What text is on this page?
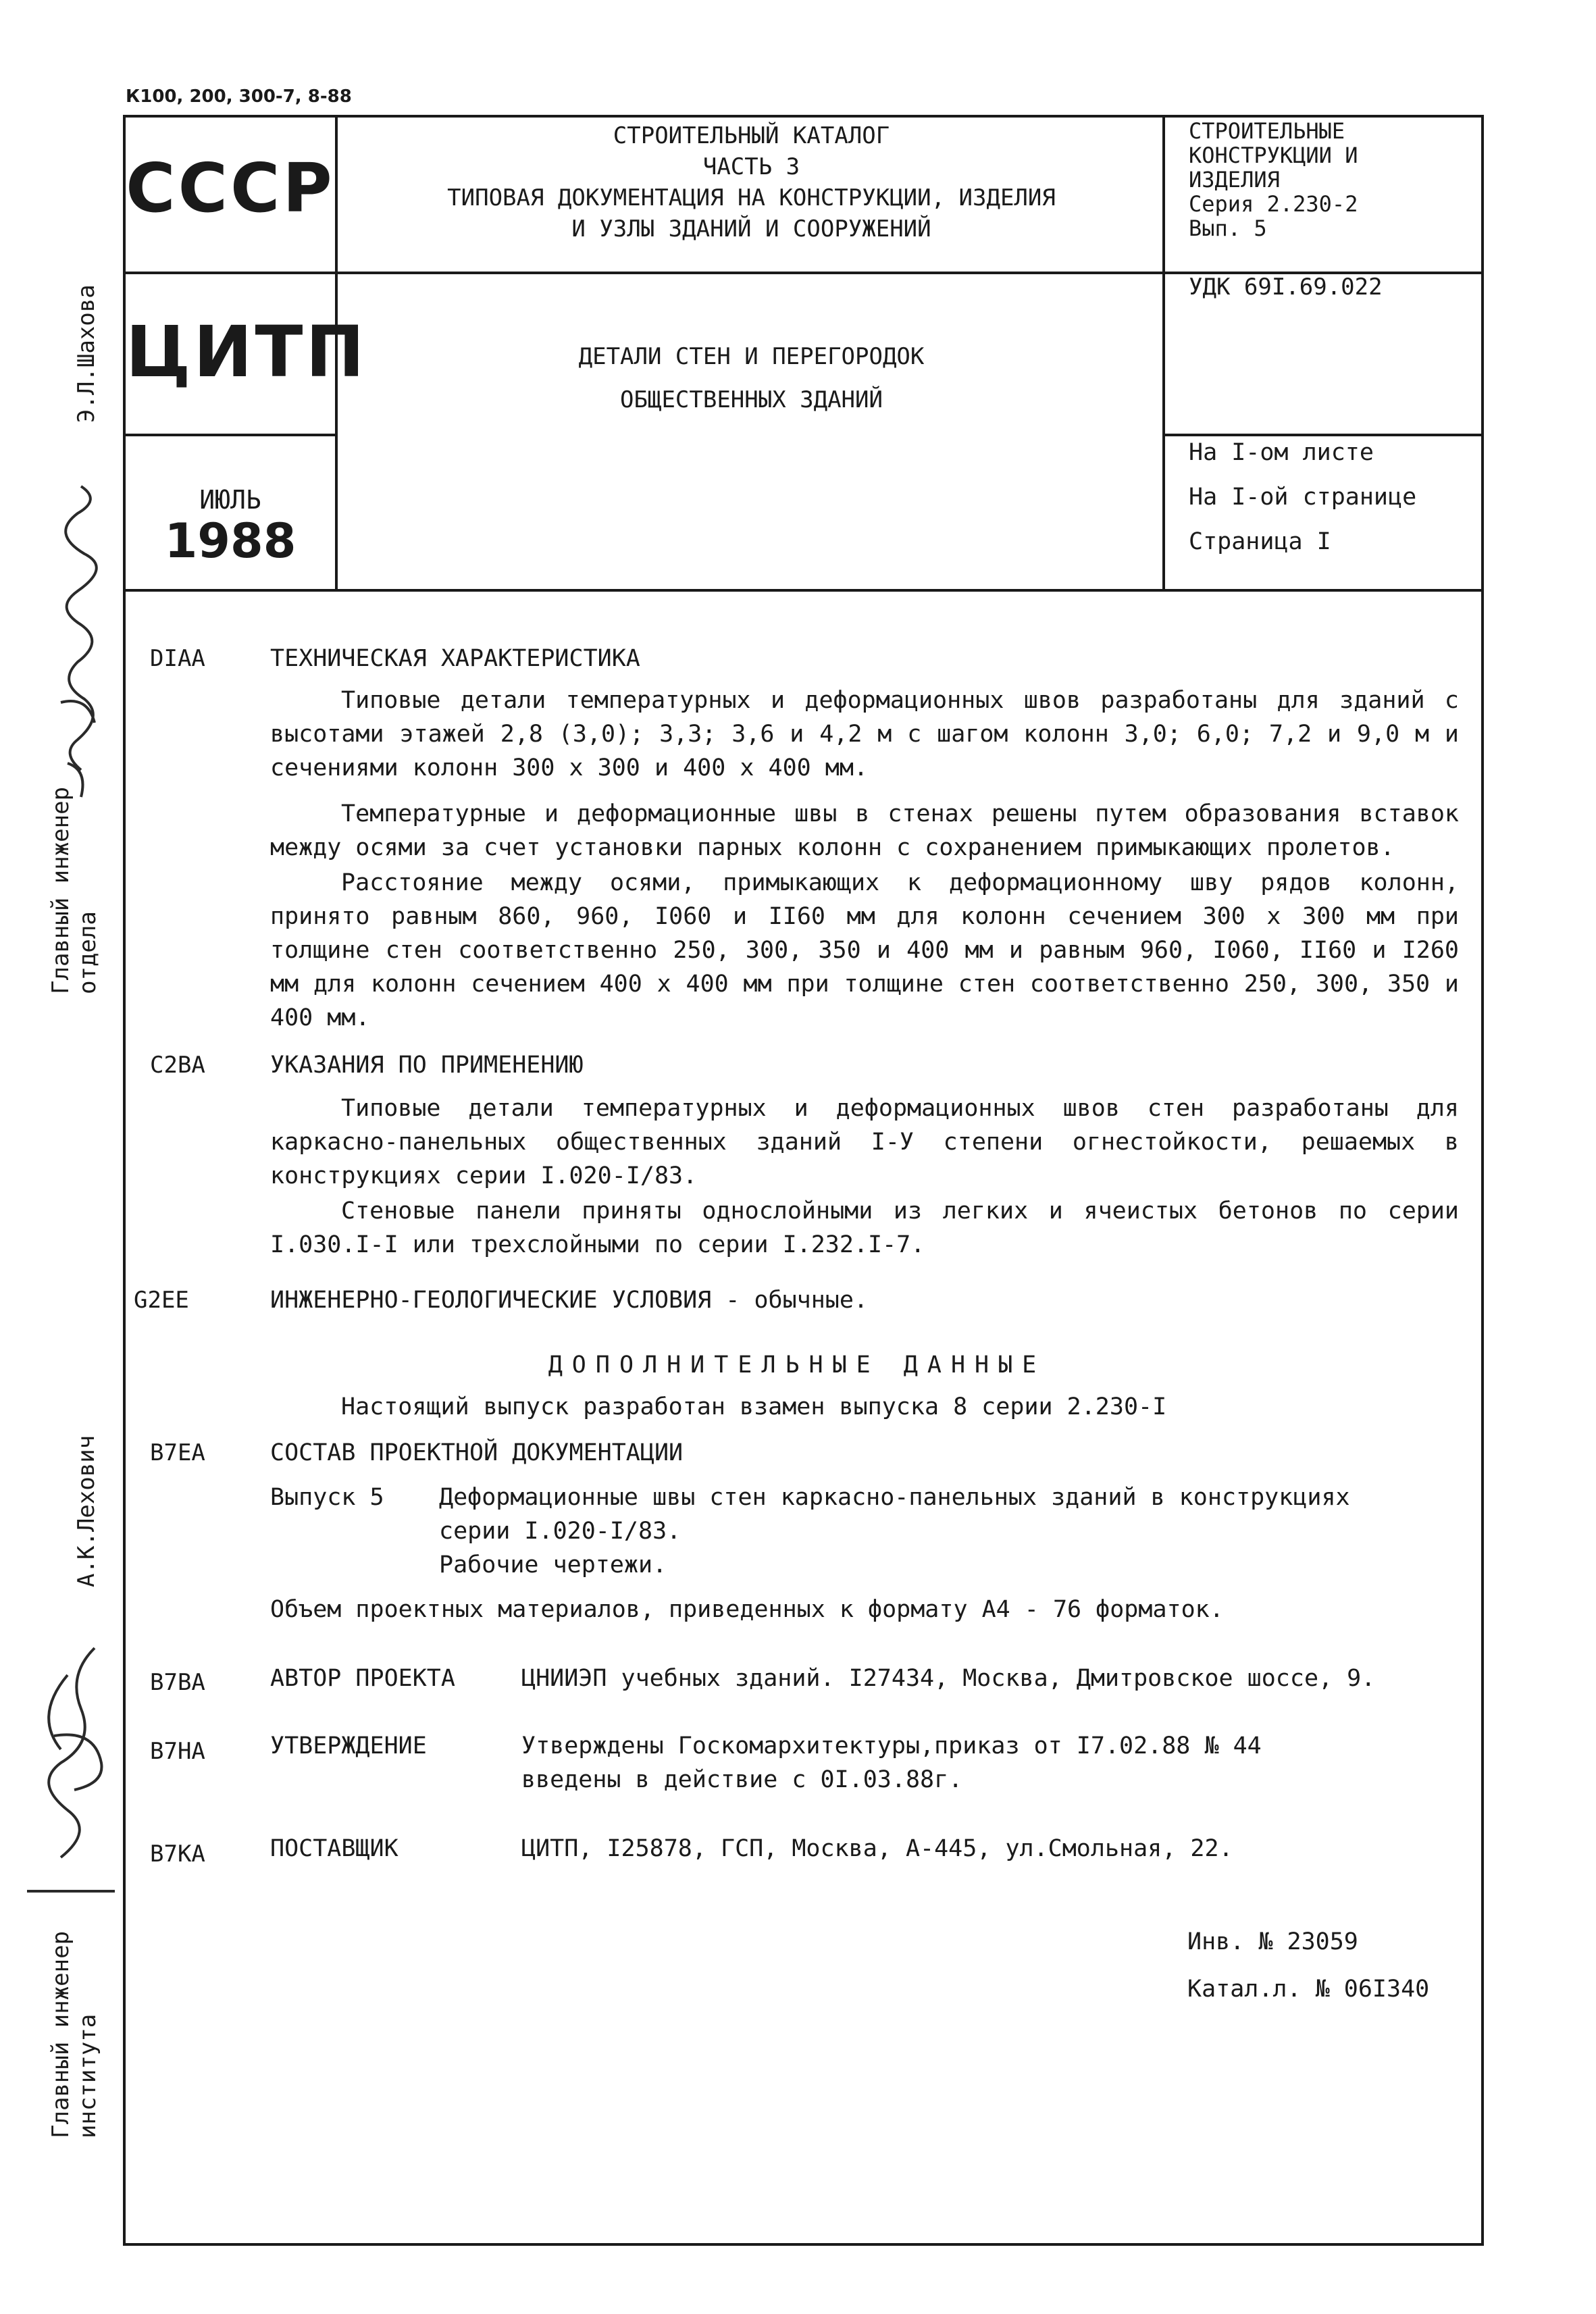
К100, 200, 300-7, 8-88
СССР
ЦИТП
ИЮЛЬ
1988
СТРОИТЕЛЬНЫЙ КАТАЛОГ
ЧАСТЬ 3
ТИПОВАЯ ДОКУМЕНТАЦИЯ НА КОНСТРУКЦИИ, ИЗДЕЛИЯ
И УЗЛЫ ЗДАНИЙ И СООРУЖЕНИЙ
ДЕТАЛИ СТЕН И ПЕРЕГОРОДОК
ОБЩЕСТВЕННЫХ ЗДАНИЙ
СТРОИТЕЛЬНЫЕ
КОНСТРУКЦИИ И
ИЗДЕЛИЯ
Серия 2.230-2
Вып. 5
УДК 69I.69.022
На I-ом листе
На I-ой странице
Страница I
DIAA	ТЕХНИЧЕСКАЯ ХАРАКТЕРИСТИКА
Типовые детали температурных и деформационных швов разработаны для зданий с высотами этажей 2,8 (3,0); 3,3; 3,6 и 4,2 м с шагом колонн 3,0; 6,0; 7,2 и 9,0 м и сечениями колонн 300 х 300 и 400 х 400 мм.
Температурные и деформационные швы в стенах решены путем образования вставок между осями за счет установки парных колонн с сохранением примыкающих пролетов.
Расстояние между осями, примыкающих к деформационному шву рядов колонн, принято равным 860, 960, I060 и II60 мм для колонн сечением 300 х 300 мм при толщине стен соответственно 250, 300, 350 и 400 мм и равным 960, I060, II60 и I260 мм для колонн сечением 400 х 400 мм при толщине стен соответственно 250, 300, 350 и 400 мм.
C2BA	УКАЗАНИЯ ПО ПРИМЕНЕНИЮ
Типовые детали температурных и деформационных швов стен разработаны для каркасно-панельных общественных зданий I-У степени огнестойкости, решаемых в конструкциях серии I.020-I/83.
Стеновые панели приняты однослойными из легких и ячеистых бетонов по серии I.030.I-I или трехслойными по серии I.232.I-7.
G2EE	ИНЖЕНЕРНО-ГЕОЛОГИЧЕСКИЕ УСЛОВИЯ - обычные.
ДОПОЛНИТЕЛЬНЫЕ ДАННЫЕ
Настоящий выпуск разработан взамен выпуска 8 серии 2.230-I
B7EA	СОСТАВ ПРОЕКТНОЙ ДОКУМЕНТАЦИИ
Выпуск 5 Деформационные швы стен каркасно-панельных зданий в конструкциях
серии I.020-I/83.
Рабочие чертежи.
Объем проектных материалов, приведенных к формату А4 - 76 форматок.
B7BA	АВТОР ПРОЕКТА	ЦНИИЭП учебных зданий. I27434, Москва, Дмитровское шоссе, 9.
B7HA	УТВЕРЖДЕНИЕ	Утверждены Госкомархитектуры,приказ от I7.02.88 № 44
введены в действие с 0I.03.88г.
B7KA	ПОСТАВЩИК	ЦИТП, I25878, ГСП, Москва, А-445, ул.Смольная, 22.
Инв. № 23059
Катал.л. № 06I340
Э.Л.Шахова
Главный инженер отдела
А.К.Лехович
Главный инженер института
